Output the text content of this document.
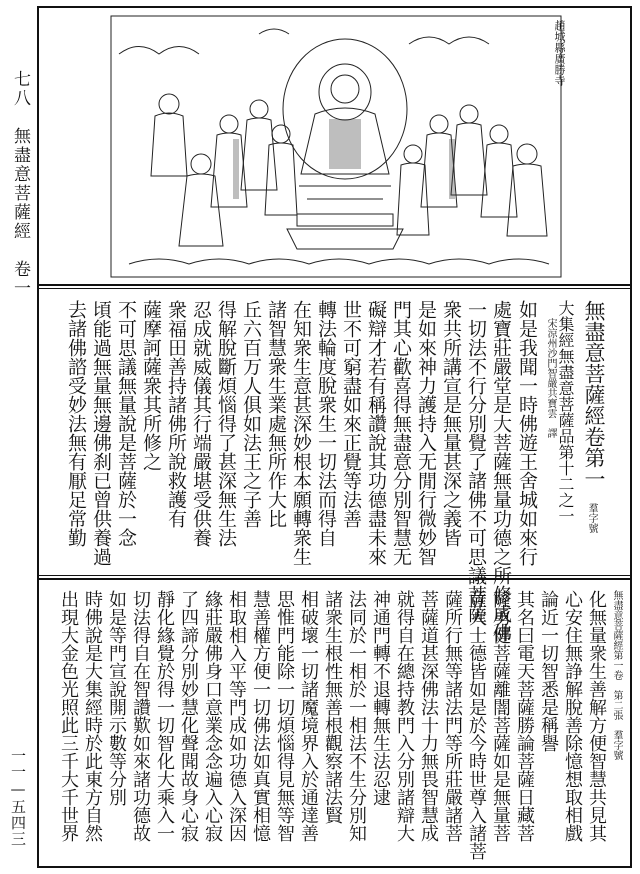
七八　無盡意菩薩經　卷一
一一—五四三
趙城縣廣勝寺
無盡意菩薩經卷第一
大集經無盡意菩薩品第十二之一
宋涼州沙門智嚴共寶雲　譯
羣字號
如是我聞一時佛遊王舍城如來行
處寶莊嚴堂是大菩薩無量功德之所修成佛
一切法不行分別覺了諸佛不可思議菩薩
衆共所講宣是無量甚深之義皆
是如來神力護持入无閒行微妙智
門其心歡喜得無盡意分別智慧无
礙辯才若有稱讚說其功德盡未來
世不可窮盡如來正覺等法善
轉法輪度脫衆生一切法而得自
在知衆生意甚深妙根本願轉衆生
諸智慧衆生業處無所作大比
丘六百万人俱如法王之子善
得解脫斷煩惱得了甚深無生法
忍成就威儀其行端嚴堪受供養
衆福田善持諸佛所說救護有
薩摩訶薩衆其所修之
不可思議無量說是菩薩於一念
頃能過無量無邊佛刹已曾供養過
去諸佛諮受妙法無有厭足常勤
無盡意菩薩經第一卷　第二張　羣字號
化無量衆生善解方便智慧共見其
心安住無諍解脫善除憶想取相戲
論近一切智悉是稱譽
其名曰電天菩薩勝論菩薩日藏菩
薩勇健菩薩離闇菩薩如是無量菩
薩大士德皆如是於今時世尊入諸菩
薩所行無等諸法門等所莊嚴諸菩
菩薩道甚深佛法十力無畏智慧成
就得自在總持教門入分別諸辯大
神通門轉不退轉無生法忍逮
法同於一相於一相法不生分別知
諸衆生根性無善根觀察諸法賢
相破壞一切諸魔境界入於通達善
思惟門能除一切煩惱得見無等智
慧善權方便一切佛法如真實相憶
相取相入平等門成如功德入深因
緣莊嚴佛身口意業念念遍入心寂
了四諦分別妙慧化聲聞故身心寂
靜化緣覺於得一切智化大乘入一
切法得自在智讚歎如來諸功德故
如是等門宣說開示數等分別
時佛說是大集經時於此東方自然
出現大金色光照此三千大千世界
